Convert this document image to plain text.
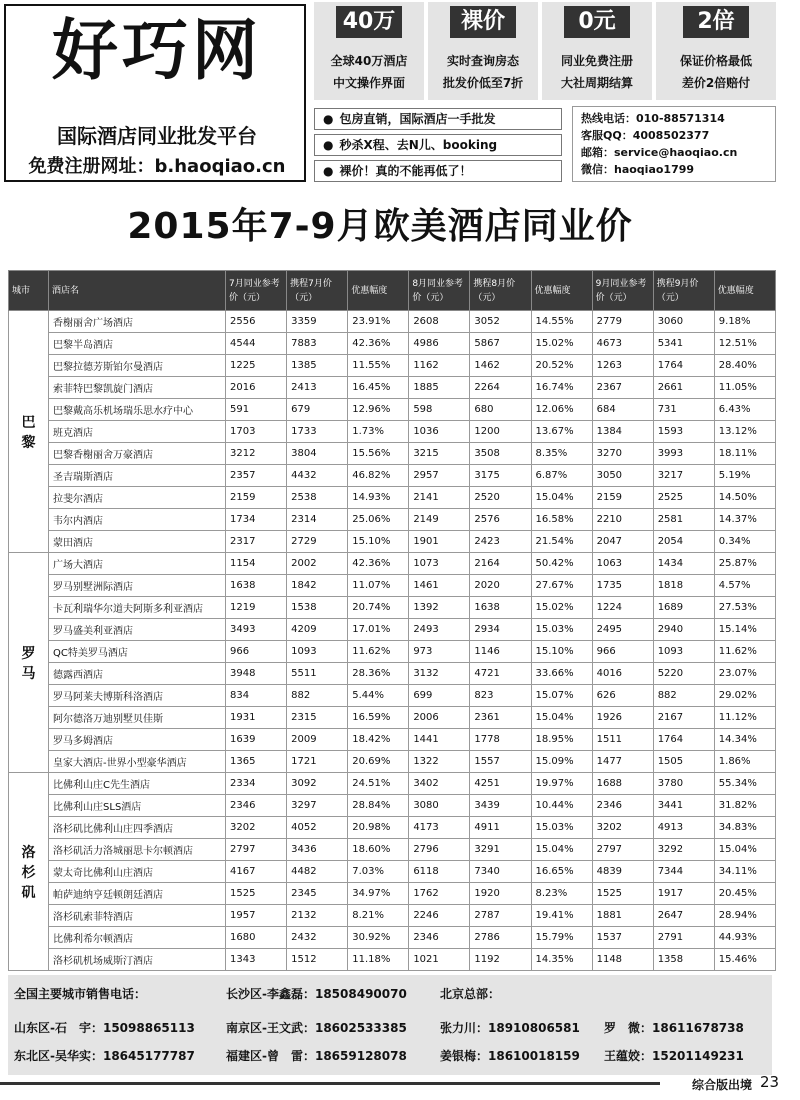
好巧网
国际酒店同业批发平台
免费注册网址：b.haoqiao.cn
40万
全球40万酒店
中文操作界面
裸价
实时查询房态
批发价低至7折
0元
同业免费注册
大社周期结算
2倍
保证价格最低
差价2倍赔付
● 包房直销，国际酒店一手批发
● 秒杀X程、去N儿、booking
● 裸价！真的不能再低了！
热线电话：010-88571314
客服QQ：4008502377
邮箱：service@haoqiao.cn
微信：haoqiao1799
2015年7-9月欧美酒店同业价
城市	酒店名	7月同业参考价（元）	携程7月价（元）	优惠幅度	8月同业参考价（元）	携程8月价（元）	优惠幅度	9月同业参考价（元）	携程9月价（元）	优惠幅度
巴黎	香榭丽舍广场酒店	2556	3359	23.91%	2608	3052	14.55%	2779	3060	9.18%
	巴黎半岛酒店	4544	7883	42.36%	4986	5867	15.02%	4673	5341	12.51%
	巴黎拉德芳斯铂尔曼酒店	1225	1385	11.55%	1162	1462	20.52%	1263	1764	28.40%
	索菲特巴黎凯旋门酒店	2016	2413	16.45%	1885	2264	16.74%	2367	2661	11.05%
	巴黎戴高乐机场瑞乐思水疗中心	591	679	12.96%	598	680	12.06%	684	731	6.43%
	班克酒店	1703	1733	1.73%	1036	1200	13.67%	1384	1593	13.12%
	巴黎香榭丽舍万豪酒店	3212	3804	15.56%	3215	3508	8.35%	3270	3993	18.11%
	圣吉瑞斯酒店	2357	4432	46.82%	2957	3175	6.87%	3050	3217	5.19%
	拉斐尔酒店	2159	2538	14.93%	2141	2520	15.04%	2159	2525	14.50%
	韦尔内酒店	1734	2314	25.06%	2149	2576	16.58%	2210	2581	14.37%
	蒙田酒店	2317	2729	15.10%	1901	2423	21.54%	2047	2054	0.34%
罗马	广场大酒店	1154	2002	42.36%	1073	2164	50.42%	1063	1434	25.87%
	罗马别墅洲际酒店	1638	1842	11.07%	1461	2020	27.67%	1735	1818	4.57%
	卡瓦利瑞华尔道夫阿斯多利亚酒店	1219	1538	20.74%	1392	1638	15.02%	1224	1689	27.53%
	罗马盛美利亚酒店	3493	4209	17.01%	2493	2934	15.03%	2495	2940	15.14%
	QC特美罗马酒店	966	1093	11.62%	973	1146	15.10%	966	1093	11.62%
	德露西酒店	3948	5511	28.36%	3132	4721	33.66%	4016	5220	23.07%
	罗马阿莱夫博斯科洛酒店	834	882	5.44%	699	823	15.07%	626	882	29.02%
	阿尔德洛万迪别墅贝佳斯	1931	2315	16.59%	2006	2361	15.04%	1926	2167	11.12%
	罗马多姆酒店	1639	2009	18.42%	1441	1778	18.95%	1511	1764	14.34%
	皇家大酒店-世界小型豪华酒店	1365	1721	20.69%	1322	1557	15.09%	1477	1505	1.86%
洛杉矶	比佛利山庄C先生酒店	2334	3092	24.51%	3402	4251	19.97%	1688	3780	55.34%
	比佛利山庄SLS酒店	2346	3297	28.84%	3080	3439	10.44%	2346	3441	31.82%
	洛杉矶比佛利山庄四季酒店	3202	4052	20.98%	4173	4911	15.03%	3202	4913	34.83%
	洛杉矶活力洛城丽思卡尔顿酒店	2797	3436	18.60%	2796	3291	15.04%	2797	3292	15.04%
	蒙太奇比佛利山庄酒店	4167	4482	7.03%	6118	7340	16.65%	4839	7344	34.11%
	帕萨迪纳亨廷顿朗廷酒店	1525	2345	34.97%	1762	1920	8.23%	1525	1917	20.45%
	洛杉矶索菲特酒店	1957	2132	8.21%	2246	2787	19.41%	1881	2647	28.94%
	比佛利希尔顿酒店	1680	2432	30.92%	2346	2786	15.79%	1537	2791	44.93%
	洛杉矶机场威斯汀酒店	1343	1512	11.18%	1021	1192	14.35%	1148	1358	15.46%
全国主要城市销售电话：
山东区-石　宇：15098865113
东北区-吴华实：18645177787
长沙区-李鑫磊：18508490070
南京区-王文武：18602533385
福建区-曾　雷：18659128078
北京总部：
张力川：18910806581
姜银梅：18610018159
罗　微：18611678738
王蕴姣：15201149231
综合版出境 23
